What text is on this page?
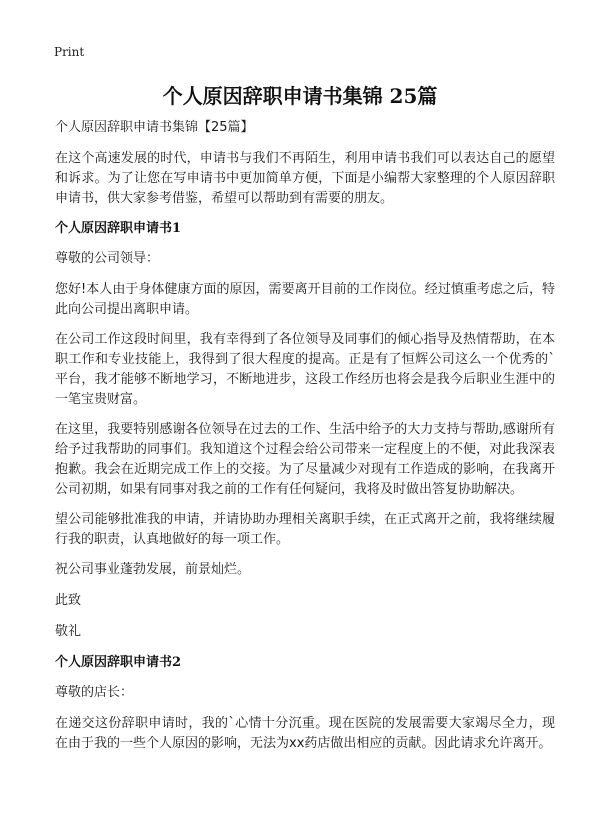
Print
个人原因辞职申请书集锦 25篇

个人原因辞职申请书集锦【25篇】

在这个高速发展的时代，申请书与我们不再陌生，利用申请书我们可以表达自己的愿望和诉求。为了让您在写申请书中更加简单方便，下面是小编帮大家整理的个人原因辞职申请书，供大家参考借鉴，希望可以帮助到有需要的朋友。

个人原因辞职申请书1

尊敬的公司领导：

您好!本人由于身体健康方面的原因，需要离开目前的工作岗位。经过慎重考虑之后，特此向公司提出离职申请。

在公司工作这段时间里，我有幸得到了各位领导及同事们的倾心指导及热情帮助，在本职工作和专业技能上，我得到了很大程度的提高。正是有了恒辉公司这么一个优秀的`平台，我才能够不断地学习，不断地进步，这段工作经历也将会是我今后职业生涯中的一笔宝贵财富。

在这里，我要特别感谢各位领导在过去的工作、生活中给予的大力支持与帮助,感谢所有给予过我帮助的同事们。我知道这个过程会给公司带来一定程度上的不便，对此我深表抱歉。我会在近期完成工作上的交接。为了尽量减少对现有工作造成的影响，在我离开公司初期，如果有同事对我之前的工作有任何疑问，我将及时做出答复协助解决。

望公司能够批准我的申请，并请协助办理相关离职手续，在正式离开之前，我将继续履行我的职责，认真地做好的每一项工作。

祝公司事业蓬勃发展，前景灿烂。

此致

敬礼

个人原因辞职申请书2

尊敬的店长：

在递交这份辞职申请时，我的`心情十分沉重。现在医院的发展需要大家竭尽全力，现在由于我的一些个人原因的影响，无法为xx药店做出相应的贡献。因此请求允许离开。
